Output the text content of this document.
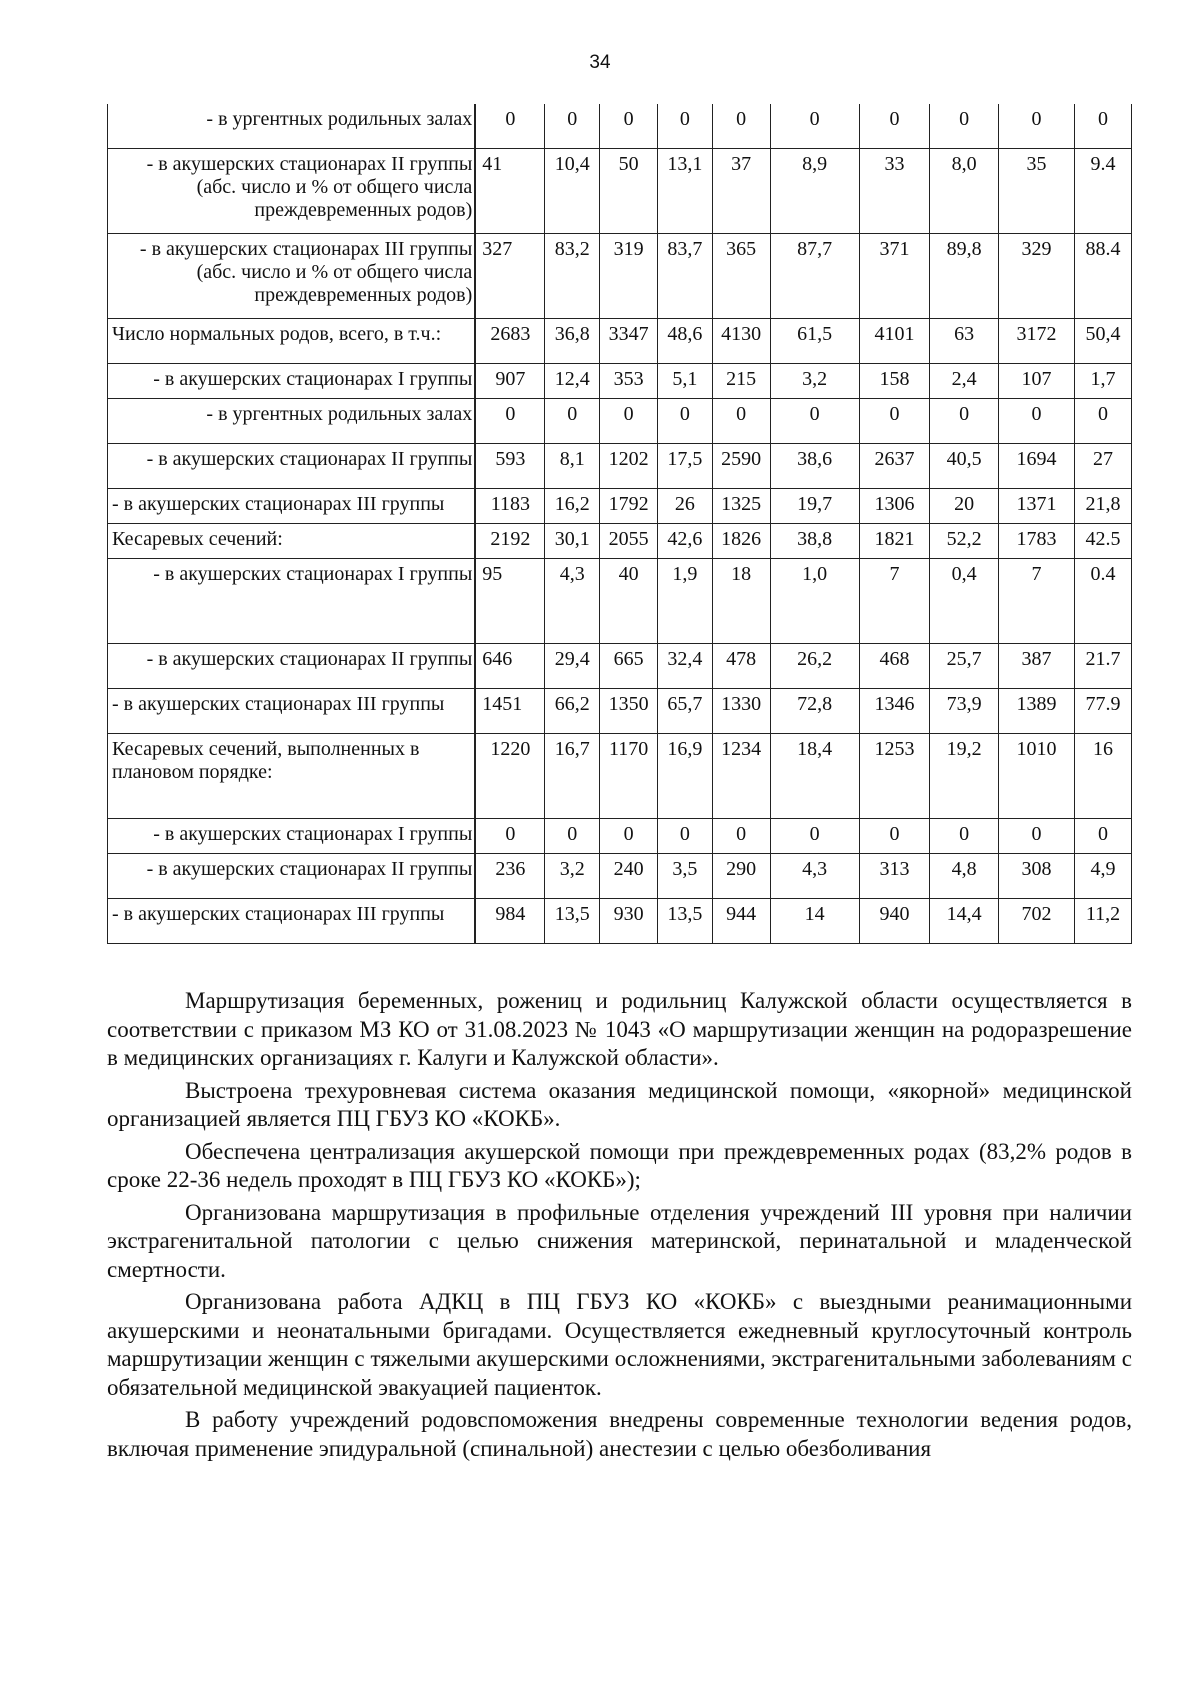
34
- в ургентных родильных залах	0	0	0	0	0	0	0	0	0	0
- в акушерских стационарах II группы (абс. число и % от общего числа преждевременных родов)	41	10,4	50	13,1	37	8,9	33	8,0	35	9.4
- в акушерских стационарах III группы (абс. число и % от общего числа преждевременных родов)	327	83,2	319	83,7	365	87,7	371	89,8	329	88.4
Число нормальных родов, всего, в т.ч.:	2683	36,8	3347	48,6	4130	61,5	4101	63	3172	50,4
- в акушерских стационарах I группы	907	12,4	353	5,1	215	3,2	158	2,4	107	1,7
- в ургентных родильных залах	0	0	0	0	0	0	0	0	0	0
- в акушерских стационарах II группы	593	8,1	1202	17,5	2590	38,6	2637	40,5	1694	27
- в акушерских стационарах III группы	1183	16,2	1792	26	1325	19,7	1306	20	1371	21,8
Кесаревых сечений:	2192	30,1	2055	42,6	1826	38,8	1821	52,2	1783	42.5
- в акушерских стационарах I группы	95	4,3	40	1,9	18	1,0	7	0,4	7	0.4
- в акушерских стационарах II группы	646	29,4	665	32,4	478	26,2	468	25,7	387	21.7
- в акушерских стационарах III группы	1451	66,2	1350	65,7	1330	72,8	1346	73,9	1389	77.9
Кесаревых сечений, выполненных в плановом порядке:	1220	16,7	1170	16,9	1234	18,4	1253	19,2	1010	16
- в акушерских стационарах I группы	0	0	0	0	0	0	0	0	0	0
- в акушерских стационарах II группы	236	3,2	240	3,5	290	4,3	313	4,8	308	4,9
- в акушерских стационарах III группы	984	13,5	930	13,5	944	14	940	14,4	702	11,2

Маршрутизация беременных, рожениц и родильниц Калужской области осуществляется в соответствии с приказом МЗ КО от 31.08.2023 № 1043 «О маршрутизации женщин на родоразрешение в медицинских организациях г. Калуги и Калужской области».

Выстроена трехуровневая система оказания медицинской помощи, «якорной» медицинской организацией является ПЦ ГБУЗ КО «КОКБ».

Обеспечена централизация акушерской помощи при преждевременных родах (83,2% родов в сроке 22-36 недель проходят в ПЦ ГБУЗ КО «КОКБ»);

Организована маршрутизация в профильные отделения учреждений III уровня при наличии экстрагенитальной патологии с целью снижения материнской, перинатальной и младенческой смертности.

Организована работа АДКЦ в ПЦ ГБУЗ КО «КОКБ» с выездными реанимационными акушерскими и неонатальными бригадами. Осуществляется ежедневный круглосуточный контроль маршрутизации женщин с тяжелыми акушерскими осложнениями, экстрагенитальными заболеваниям с обязательной медицинской эвакуацией пациенток.

В работу учреждений родовспоможения внедрены современные технологии ведения родов, включая применение эпидуральной (спинальной) анестезии с целью обезболивания
